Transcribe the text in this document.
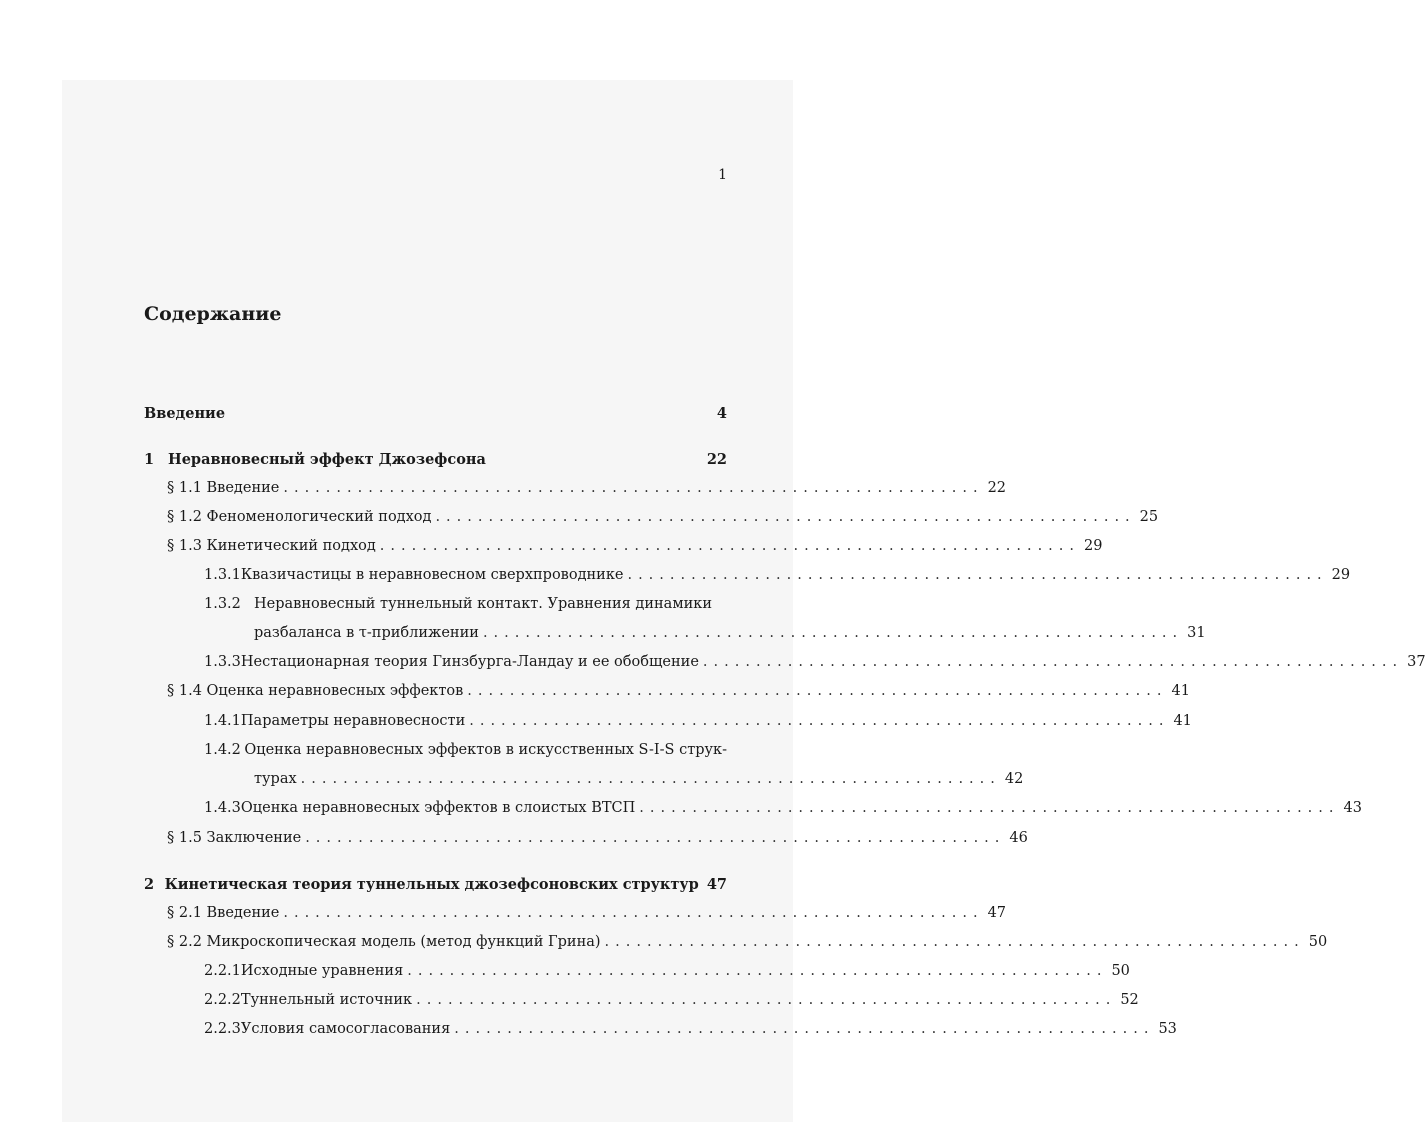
1
Содержание
Введение	4
1 Неравновесный эффект Джозефсона	22
§ 1.1
Введение .................................................................. 22
§ 1.2
Феноменологический подход .................................................................. 25
§ 1.3
Кинетический подход .................................................................. 29
1.3.1 Квазичастицы в неравновесном сверхпроводнике .................................................................. 29
1.3.2 Неравновесный туннельный контакт. Уравнения динамики
разбаланса в τ-приближении .................................................................. 31
1.3.3 Нестационарная теория Гинзбурга-Ландау и ее обобщение .................................................................. 37
§ 1.4
Оценка неравновесных эффектов .................................................................. 41
1.4.1 Параметры неравновесности .................................................................. 41
1.4.2 Оценка неравновесных эффектов в искусственных S-I-S струк-
турах .................................................................. 42
1.4.3 Оценка неравновесных эффектов в слоистых ВТСП .................................................................. 43
§ 1.5
Заключение .................................................................. 46
2 Кинетическая теория туннельных джозефсоновских структур 47
§ 2.1
Введение .................................................................. 47
§ 2.2
Микроскопическая модель (метод функций Грина) .................................................................. 50
2.2.1 Исходные уравнения .................................................................. 50
2.2.2 Туннельный источник .................................................................. 52
2.2.3 Условия самосогласования .................................................................. 53
